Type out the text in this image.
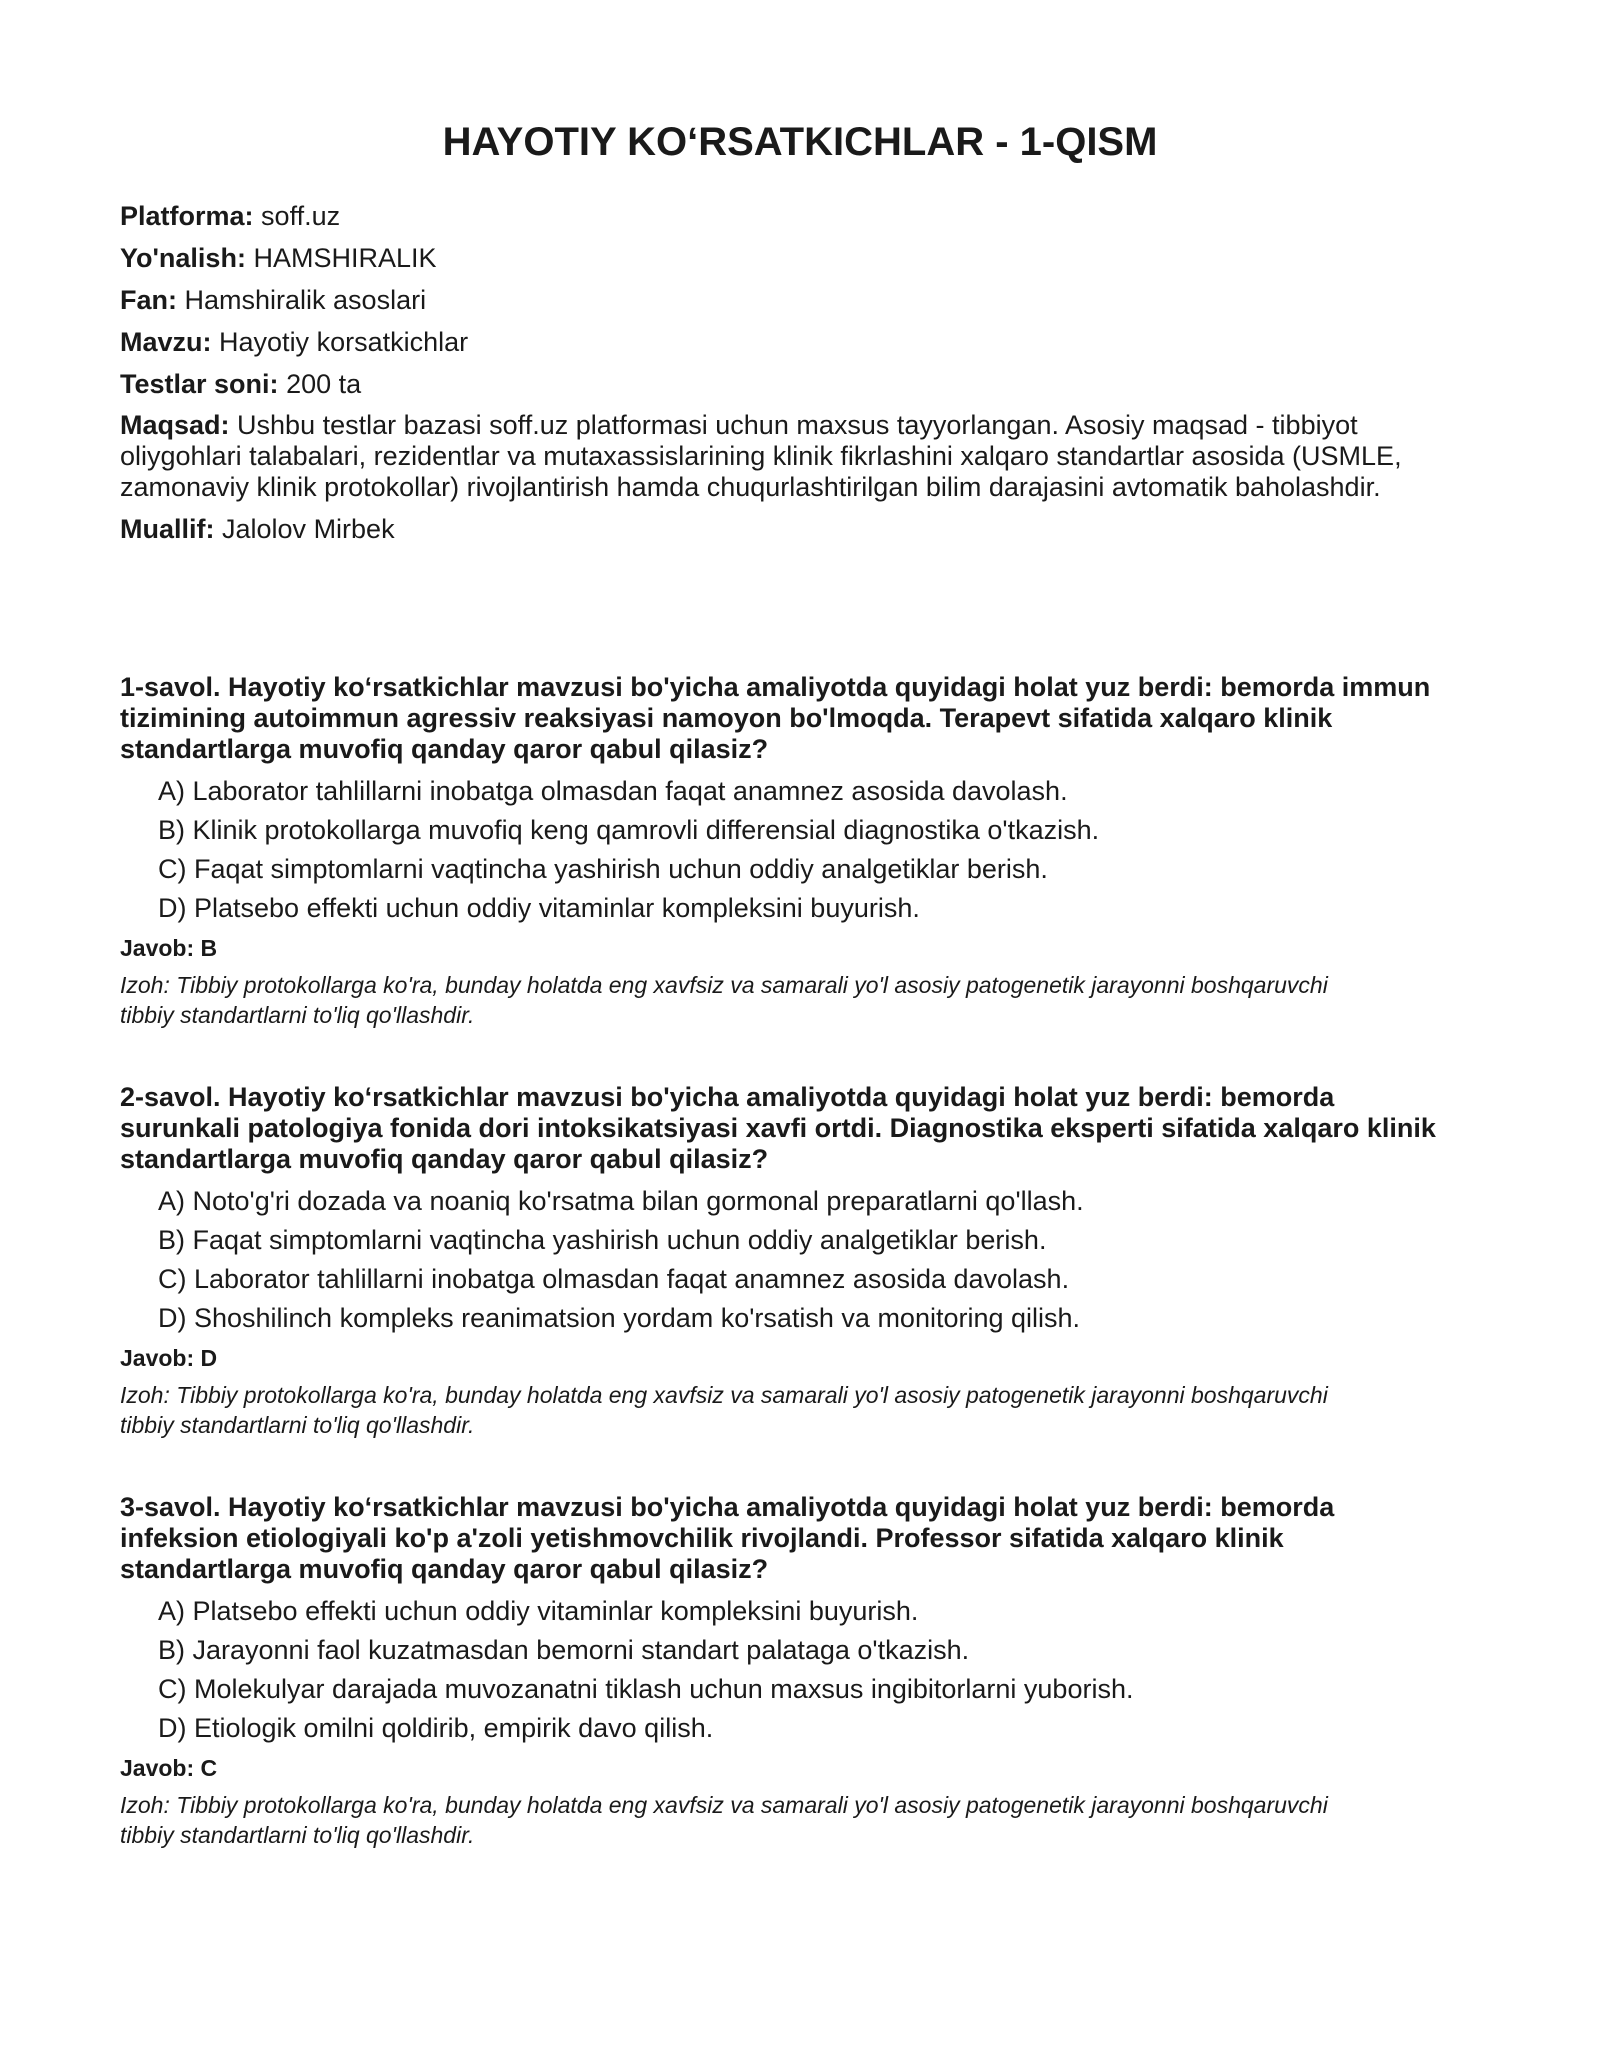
HAYOTIY KO‘RSATKICHLAR - 1-QISM

Platforma: soff.uz

Yo'nalish: HAMSHIRALIK

Fan: Hamshiralik asoslari

Mavzu: Hayotiy korsatkichlar

Testlar soni: 200 ta

Maqsad: Ushbu testlar bazasi soff.uz platformasi uchun maxsus tayyorlangan. Asosiy maqsad - tibbiyot oliygohlari talabalari, rezidentlar va mutaxassislarining klinik fikrlashini xalqaro standartlar asosida (USMLE, zamonaviy klinik protokollar) rivojlantirish hamda chuqurlashtirilgan bilim darajasini avtomatik baholashdir.

Muallif: Jalolov Mirbek

1-savol. Hayotiy ko‘rsatkichlar mavzusi bo'yicha amaliyotda quyidagi holat yuz berdi: bemorda immun tizimining autoimmun agressiv reaksiyasi namoyon bo'lmoqda. Terapevt sifatida xalqaro klinik standartlarga muvofiq qanday qaror qabul qilasiz?

A) Laborator tahlillarni inobatga olmasdan faqat anamnez asosida davolash.
B) Klinik protokollarga muvofiq keng qamrovli differensial diagnostika o'tkazish.
C) Faqat simptomlarni vaqtincha yashirish uchun oddiy analgetiklar berish.
D) Platsebo effekti uchun oddiy vitaminlar kompleksini buyurish.

Javob: B

Izoh: Tibbiy protokollarga ko'ra, bunday holatda eng xavfsiz va samarali yo'l asosiy patogenetik jarayonni boshqaruvchi tibbiy standartlarni to'liq qo'llashdir.

2-savol. Hayotiy ko‘rsatkichlar mavzusi bo'yicha amaliyotda quyidagi holat yuz berdi: bemorda surunkali patologiya fonida dori intoksikatsiyasi xavfi ortdi. Diagnostika eksperti sifatida xalqaro klinik standartlarga muvofiq qanday qaror qabul qilasiz?

A) Noto'g'ri dozada va noaniq ko'rsatma bilan gormonal preparatlarni qo'llash.
B) Faqat simptomlarni vaqtincha yashirish uchun oddiy analgetiklar berish.
C) Laborator tahlillarni inobatga olmasdan faqat anamnez asosida davolash.
D) Shoshilinch kompleks reanimatsion yordam ko'rsatish va monitoring qilish.

Javob: D

Izoh: Tibbiy protokollarga ko'ra, bunday holatda eng xavfsiz va samarali yo'l asosiy patogenetik jarayonni boshqaruvchi tibbiy standartlarni to'liq qo'llashdir.

3-savol. Hayotiy ko‘rsatkichlar mavzusi bo'yicha amaliyotda quyidagi holat yuz berdi: bemorda infeksion etiologiyali ko'p a'zoli yetishmovchilik rivojlandi. Professor sifatida xalqaro klinik standartlarga muvofiq qanday qaror qabul qilasiz?

A) Platsebo effekti uchun oddiy vitaminlar kompleksini buyurish.
B) Jarayonni faol kuzatmasdan bemorni standart palataga o'tkazish.
C) Molekulyar darajada muvozanatni tiklash uchun maxsus ingibitorlarni yuborish.
D) Etiologik omilni qoldirib, empirik davo qilish.

Javob: C

Izoh: Tibbiy protokollarga ko'ra, bunday holatda eng xavfsiz va samarali yo'l asosiy patogenetik jarayonni boshqaruvchi tibbiy standartlarni to'liq qo'llashdir.
